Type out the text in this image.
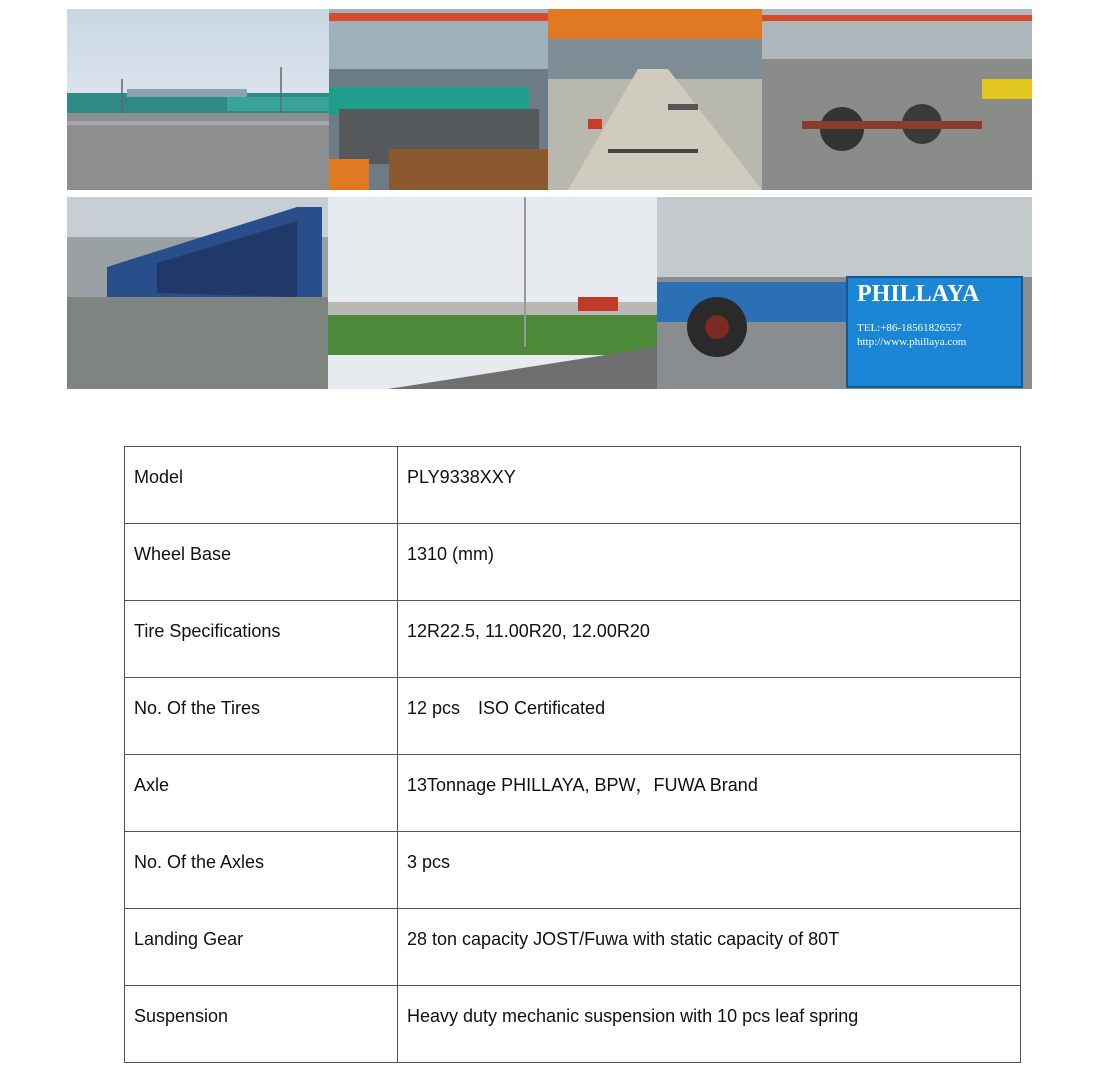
PHILLAYA
TEL:+86-18561826557
http://www.phillaya.com
Model	PLY9338XXY
Wheel Base	1310 (mm)
Tire Specifications	12R22.5, 11.00R20, 12.00R20
No. Of the Tires	12 pcs　ISO Certificated
Axle	13Tonnage PHILLAYA, BPW，FUWA Brand
No. Of the Axles	3 pcs
Landing Gear	28 ton capacity JOST/Fuwa with static capacity of 80T
Suspension	Heavy duty mechanic suspension with 10 pcs leaf spring
